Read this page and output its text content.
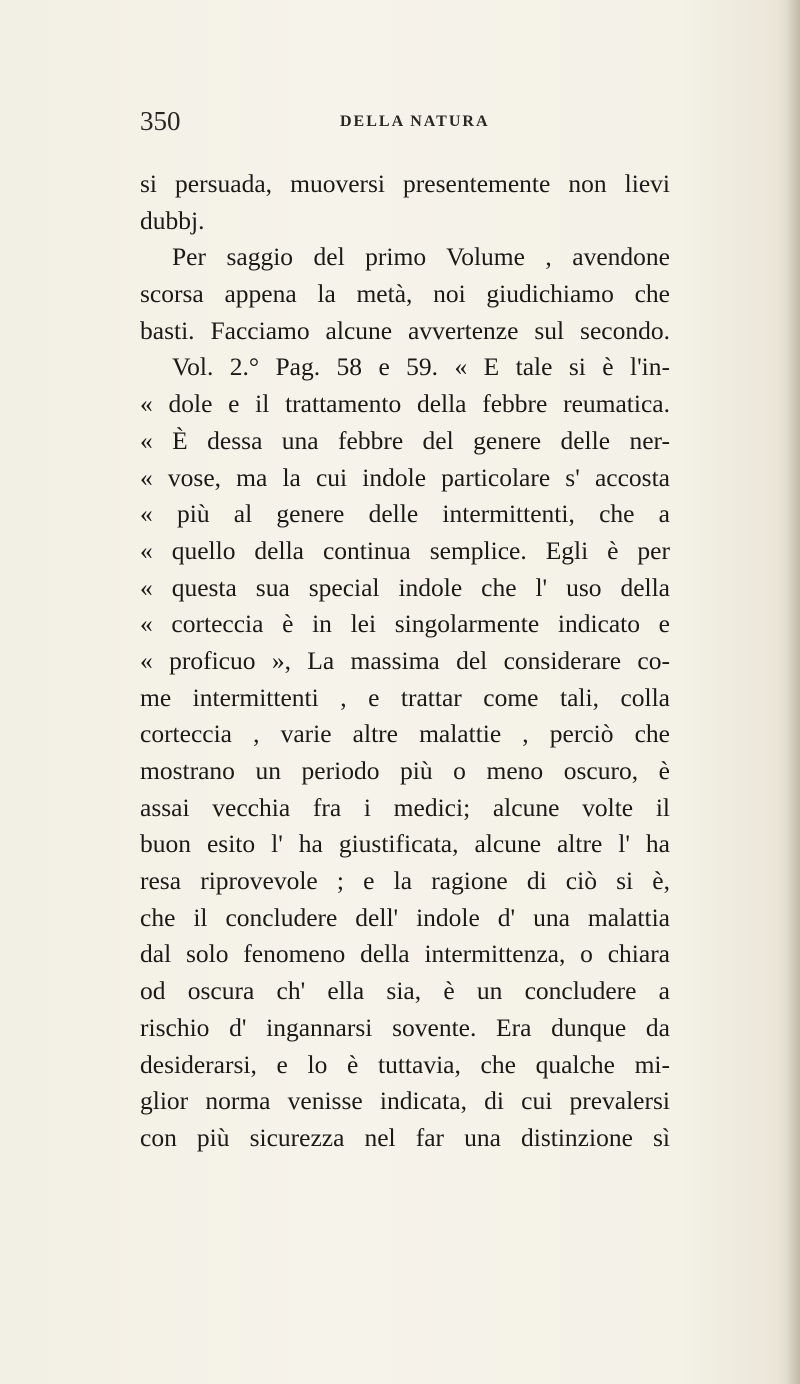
350	DELLA NATURA
si persuada, muoversi presentemente non lievi
dubbj.
Per saggio del primo Volume , avendone
scorsa appena la metà, noi giudichiamo che
basti. Facciamo alcune avvertenze sul secondo.
Vol. 2.° Pag. 58 e 59. « E tale si è l'in-
« dole e il trattamento della febbre reumatica.
« È dessa una febbre del genere delle ner-
« vose, ma la cui indole particolare s' accosta
« più al genere delle intermittenti, che a
« quello della continua semplice. Egli è per
« questa sua special indole che l' uso della
« corteccia è in lei singolarmente indicato e
« proficuo », La massima del considerare co-
me intermittenti , e trattar come tali, colla
corteccia , varie altre malattie , perciò che
mostrano un periodo più o meno oscuro, è
assai vecchia fra i medici; alcune volte il
buon esito l' ha giustificata, alcune altre l' ha
resa riprovevole ; e la ragione di ciò si è,
che il concludere dell' indole d' una malattia
dal solo fenomeno della intermittenza, o chiara
od oscura ch' ella sia, è un concludere a
rischio d' ingannarsi sovente. Era dunque da
desiderarsi, e lo è tuttavia, che qualche mi-
glior norma venisse indicata, di cui prevalersi
con più sicurezza nel far una distinzione sì
